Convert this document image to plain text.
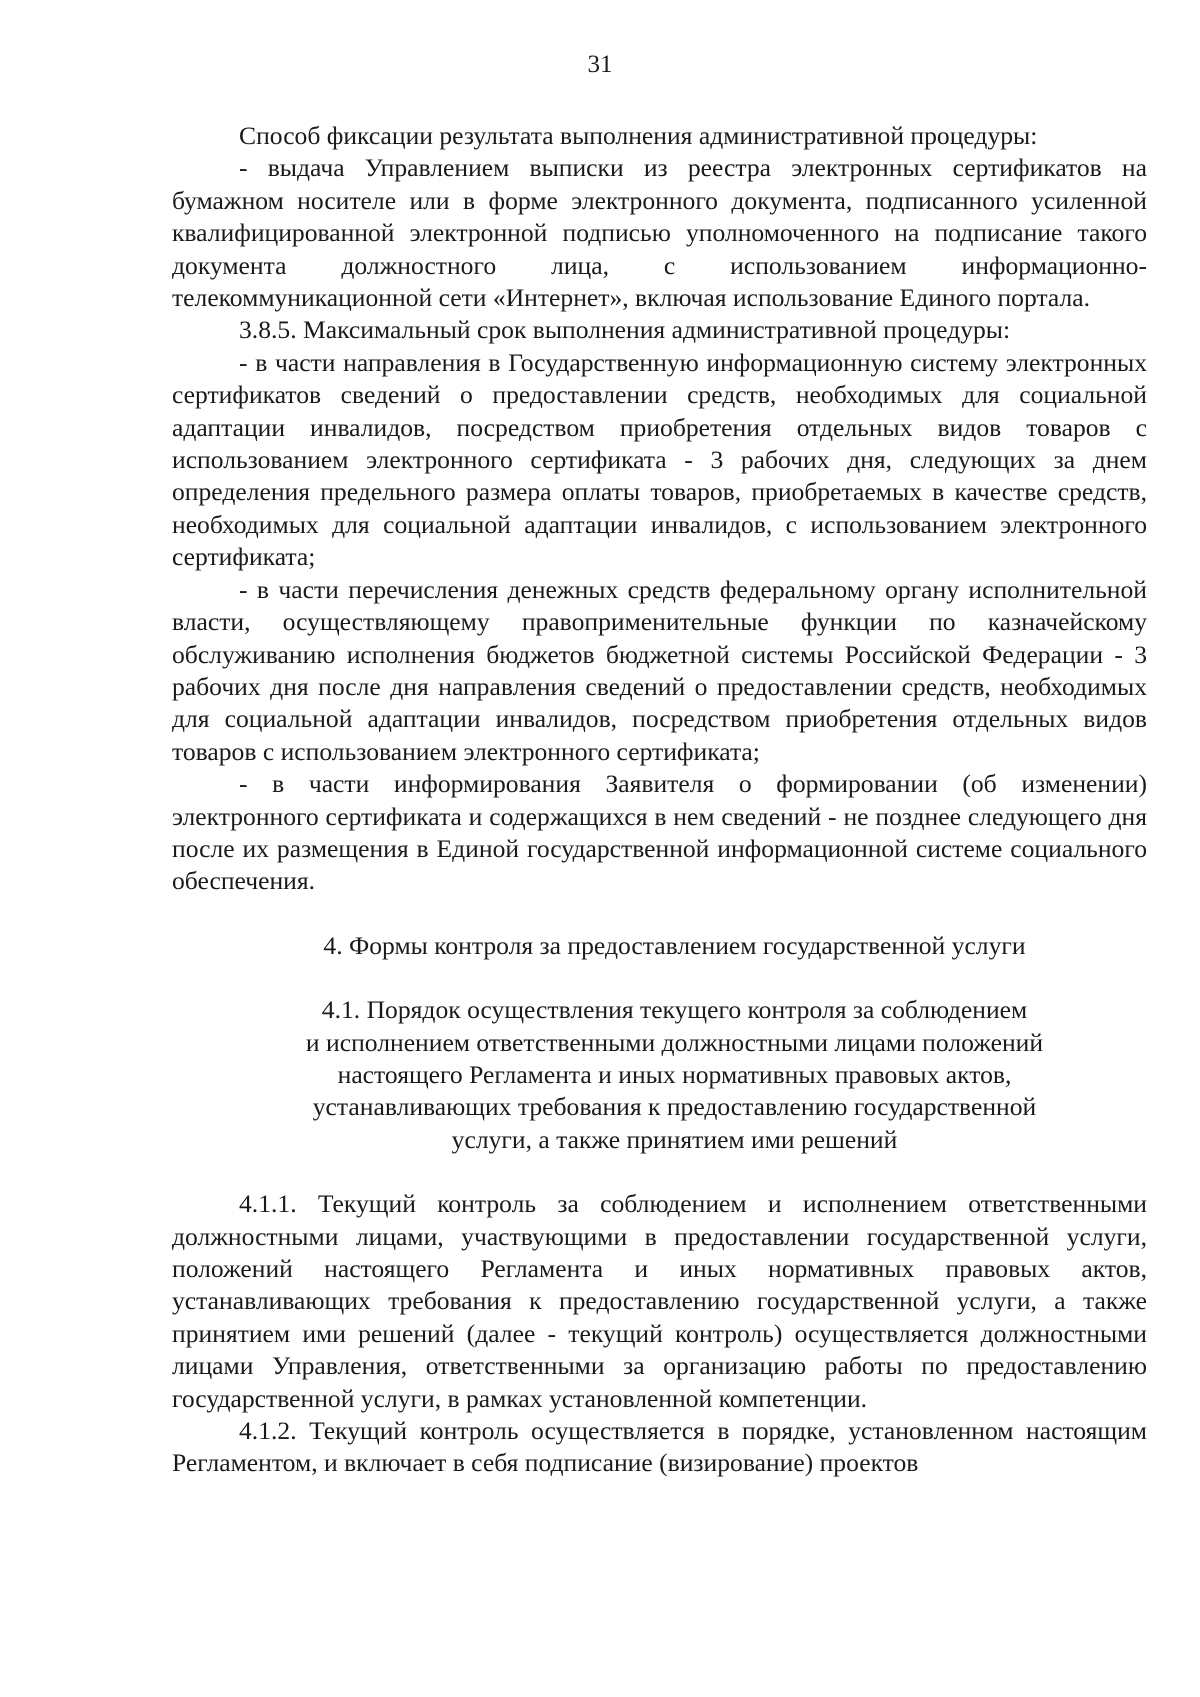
31

Способ фиксации результата выполнения административной процедуры:

- выдача Управлением выписки из реестра электронных сертификатов на бумажном носителе или в форме электронного документа, подписанного усиленной квалифицированной электронной подписью уполномоченного на подписание такого документа должностного лица, с использованием информационно-телекоммуникационной сети «Интернет», включая использование Единого портала.

3.8.5. Максимальный срок выполнения административной процедуры:

- в части направления в Государственную информационную систему электронных сертификатов сведений о предоставлении средств, необходимых для социальной адаптации инвалидов, посредством приобретения отдельных видов товаров с использованием электронного сертификата - 3 рабочих дня, следующих за днем определения предельного размера оплаты товаров, приобретаемых в качестве средств, необходимых для социальной адаптации инвалидов, с использованием электронного сертификата;

- в части перечисления денежных средств федеральному органу исполнительной власти, осуществляющему правоприменительные функции по казначейскому обслуживанию исполнения бюджетов бюджетной системы Российской Федерации - 3 рабочих дня после дня направления сведений о предоставлении средств, необходимых для социальной адаптации инвалидов, посредством приобретения отдельных видов товаров с использованием электронного сертификата;

- в части информирования Заявителя о формировании (об изменении) электронного сертификата и содержащихся в нем сведений - не позднее следующего дня после их размещения в Единой государственной информационной системе социального обеспечения.

4. Формы контроля за предоставлением государственной услуги

4.1. Порядок осуществления текущего контроля за соблюдением
и исполнением ответственными должностными лицами положений
настоящего Регламента и иных нормативных правовых актов,
устанавливающих требования к предоставлению государственной
услуги, а также принятием ими решений

4.1.1. Текущий контроль за соблюдением и исполнением ответственными должностными лицами, участвующими в предоставлении государственной услуги, положений настоящего Регламента и иных нормативных правовых актов, устанавливающих требования к предоставлению государственной услуги, а также принятием ими решений (далее - текущий контроль) осуществляется должностными лицами Управления, ответственными за организацию работы по предоставлению государственной услуги, в рамках установленной компетенции.

4.1.2. Текущий контроль осуществляется в порядке, установленном настоящим Регламентом, и включает в себя подписание (визирование) проектов
